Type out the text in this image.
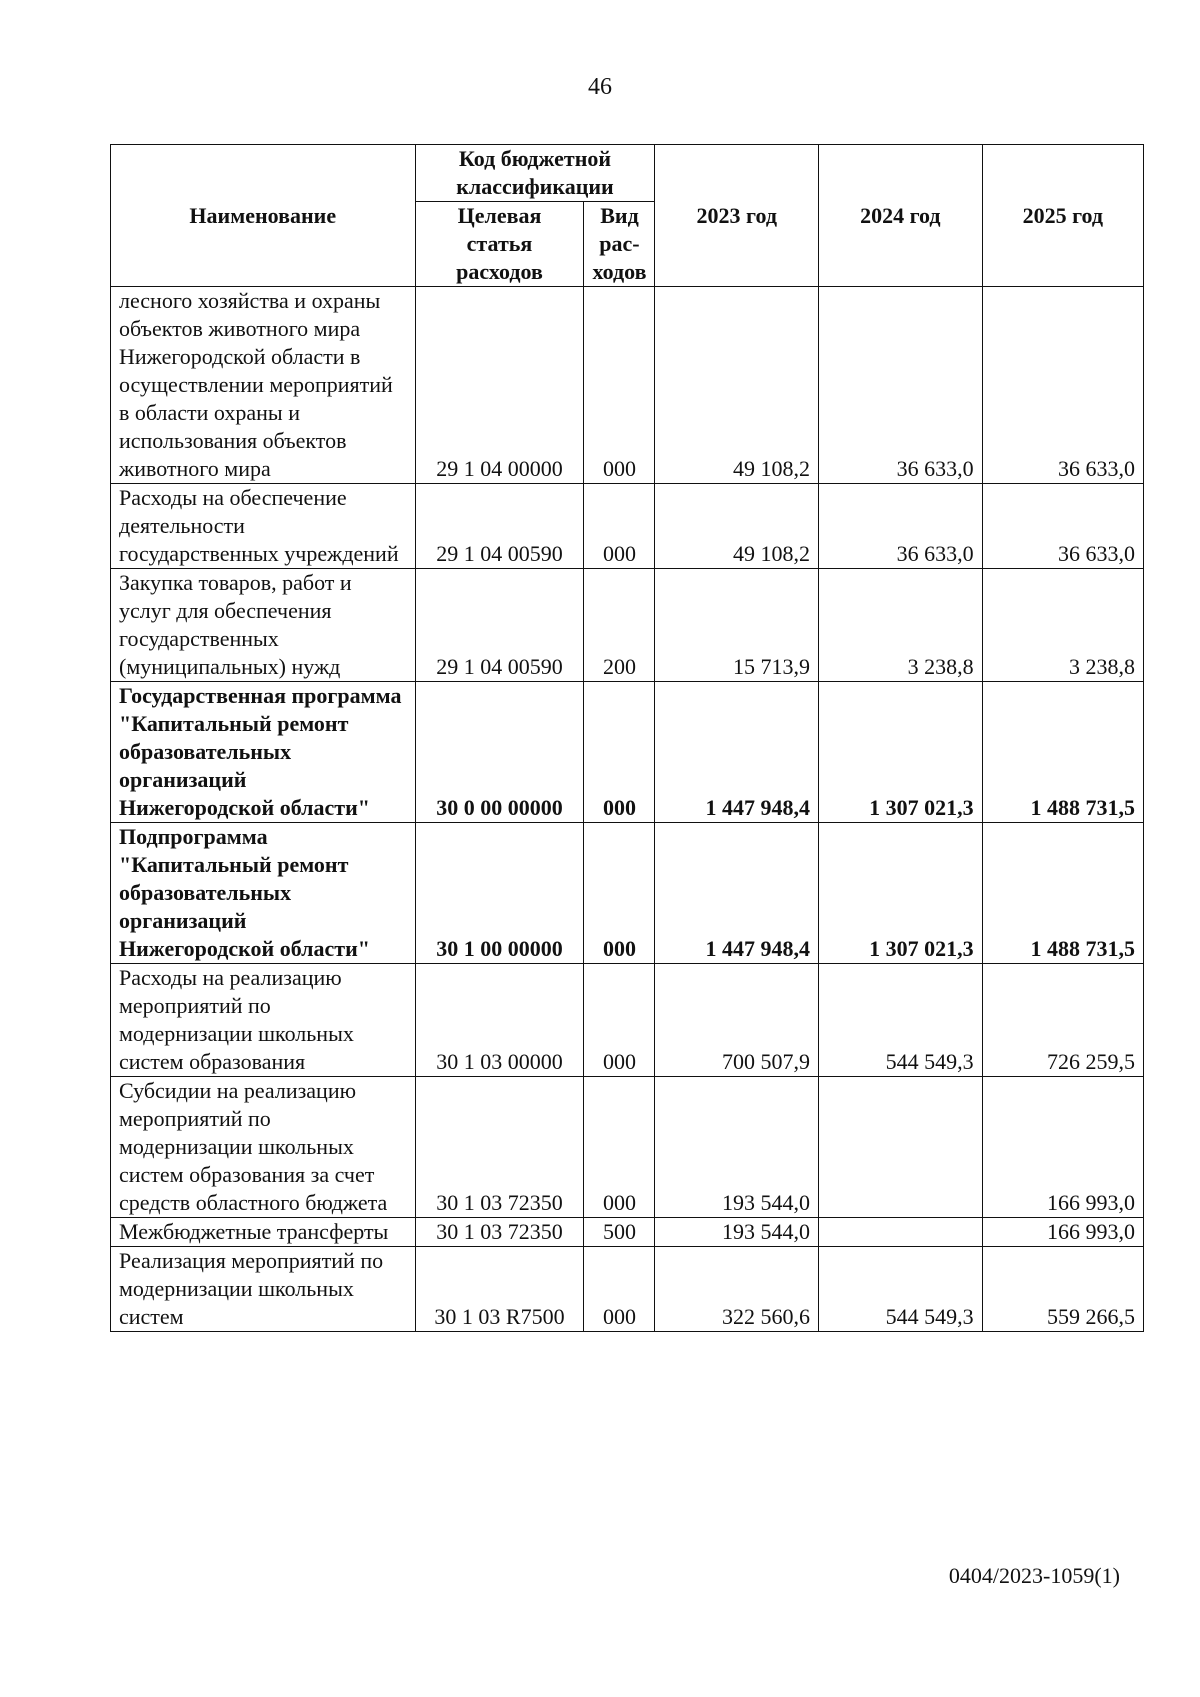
46
Наименование	Код бюджетной классификации		2023 год	2024 год	2025 год
	Целевая статья расходов	Вид рас-ходов			
лесного хозяйства и охраны объектов животного мира Нижегородской области в осуществлении мероприятий в области охраны и использования объектов животного мира	29 1 04 00000	000	49 108,2	36 633,0	36 633,0
Расходы на обеспечение деятельности государственных учреждений	29 1 04 00590	000	49 108,2	36 633,0	36 633,0
Закупка товаров, работ и услуг для обеспечения государственных (муниципальных) нужд	29 1 04 00590	200	15 713,9	3 238,8	3 238,8
Государственная программа "Капитальный ремонт образовательных организаций Нижегородской области"	30 0 00 00000	000	1 447 948,4	1 307 021,3	1 488 731,5
Подпрограмма "Капитальный ремонт образовательных организаций Нижегородской области"	30 1 00 00000	000	1 447 948,4	1 307 021,3	1 488 731,5
Расходы на реализацию мероприятий по модернизации школьных систем образования	30 1 03 00000	000	700 507,9	544 549,3	726 259,5
Субсидии на реализацию мероприятий по модернизации школьных систем образования за счет средств областного бюджета	30 1 03 72350	000	193 544,0		166 993,0
Межбюджетные трансферты	30 1 03 72350	500	193 544,0		166 993,0
Реализация мероприятий по модернизации школьных систем	30 1 03 R7500	000	322 560,6	544 549,3	559 266,5
0404/2023-1059(1)
